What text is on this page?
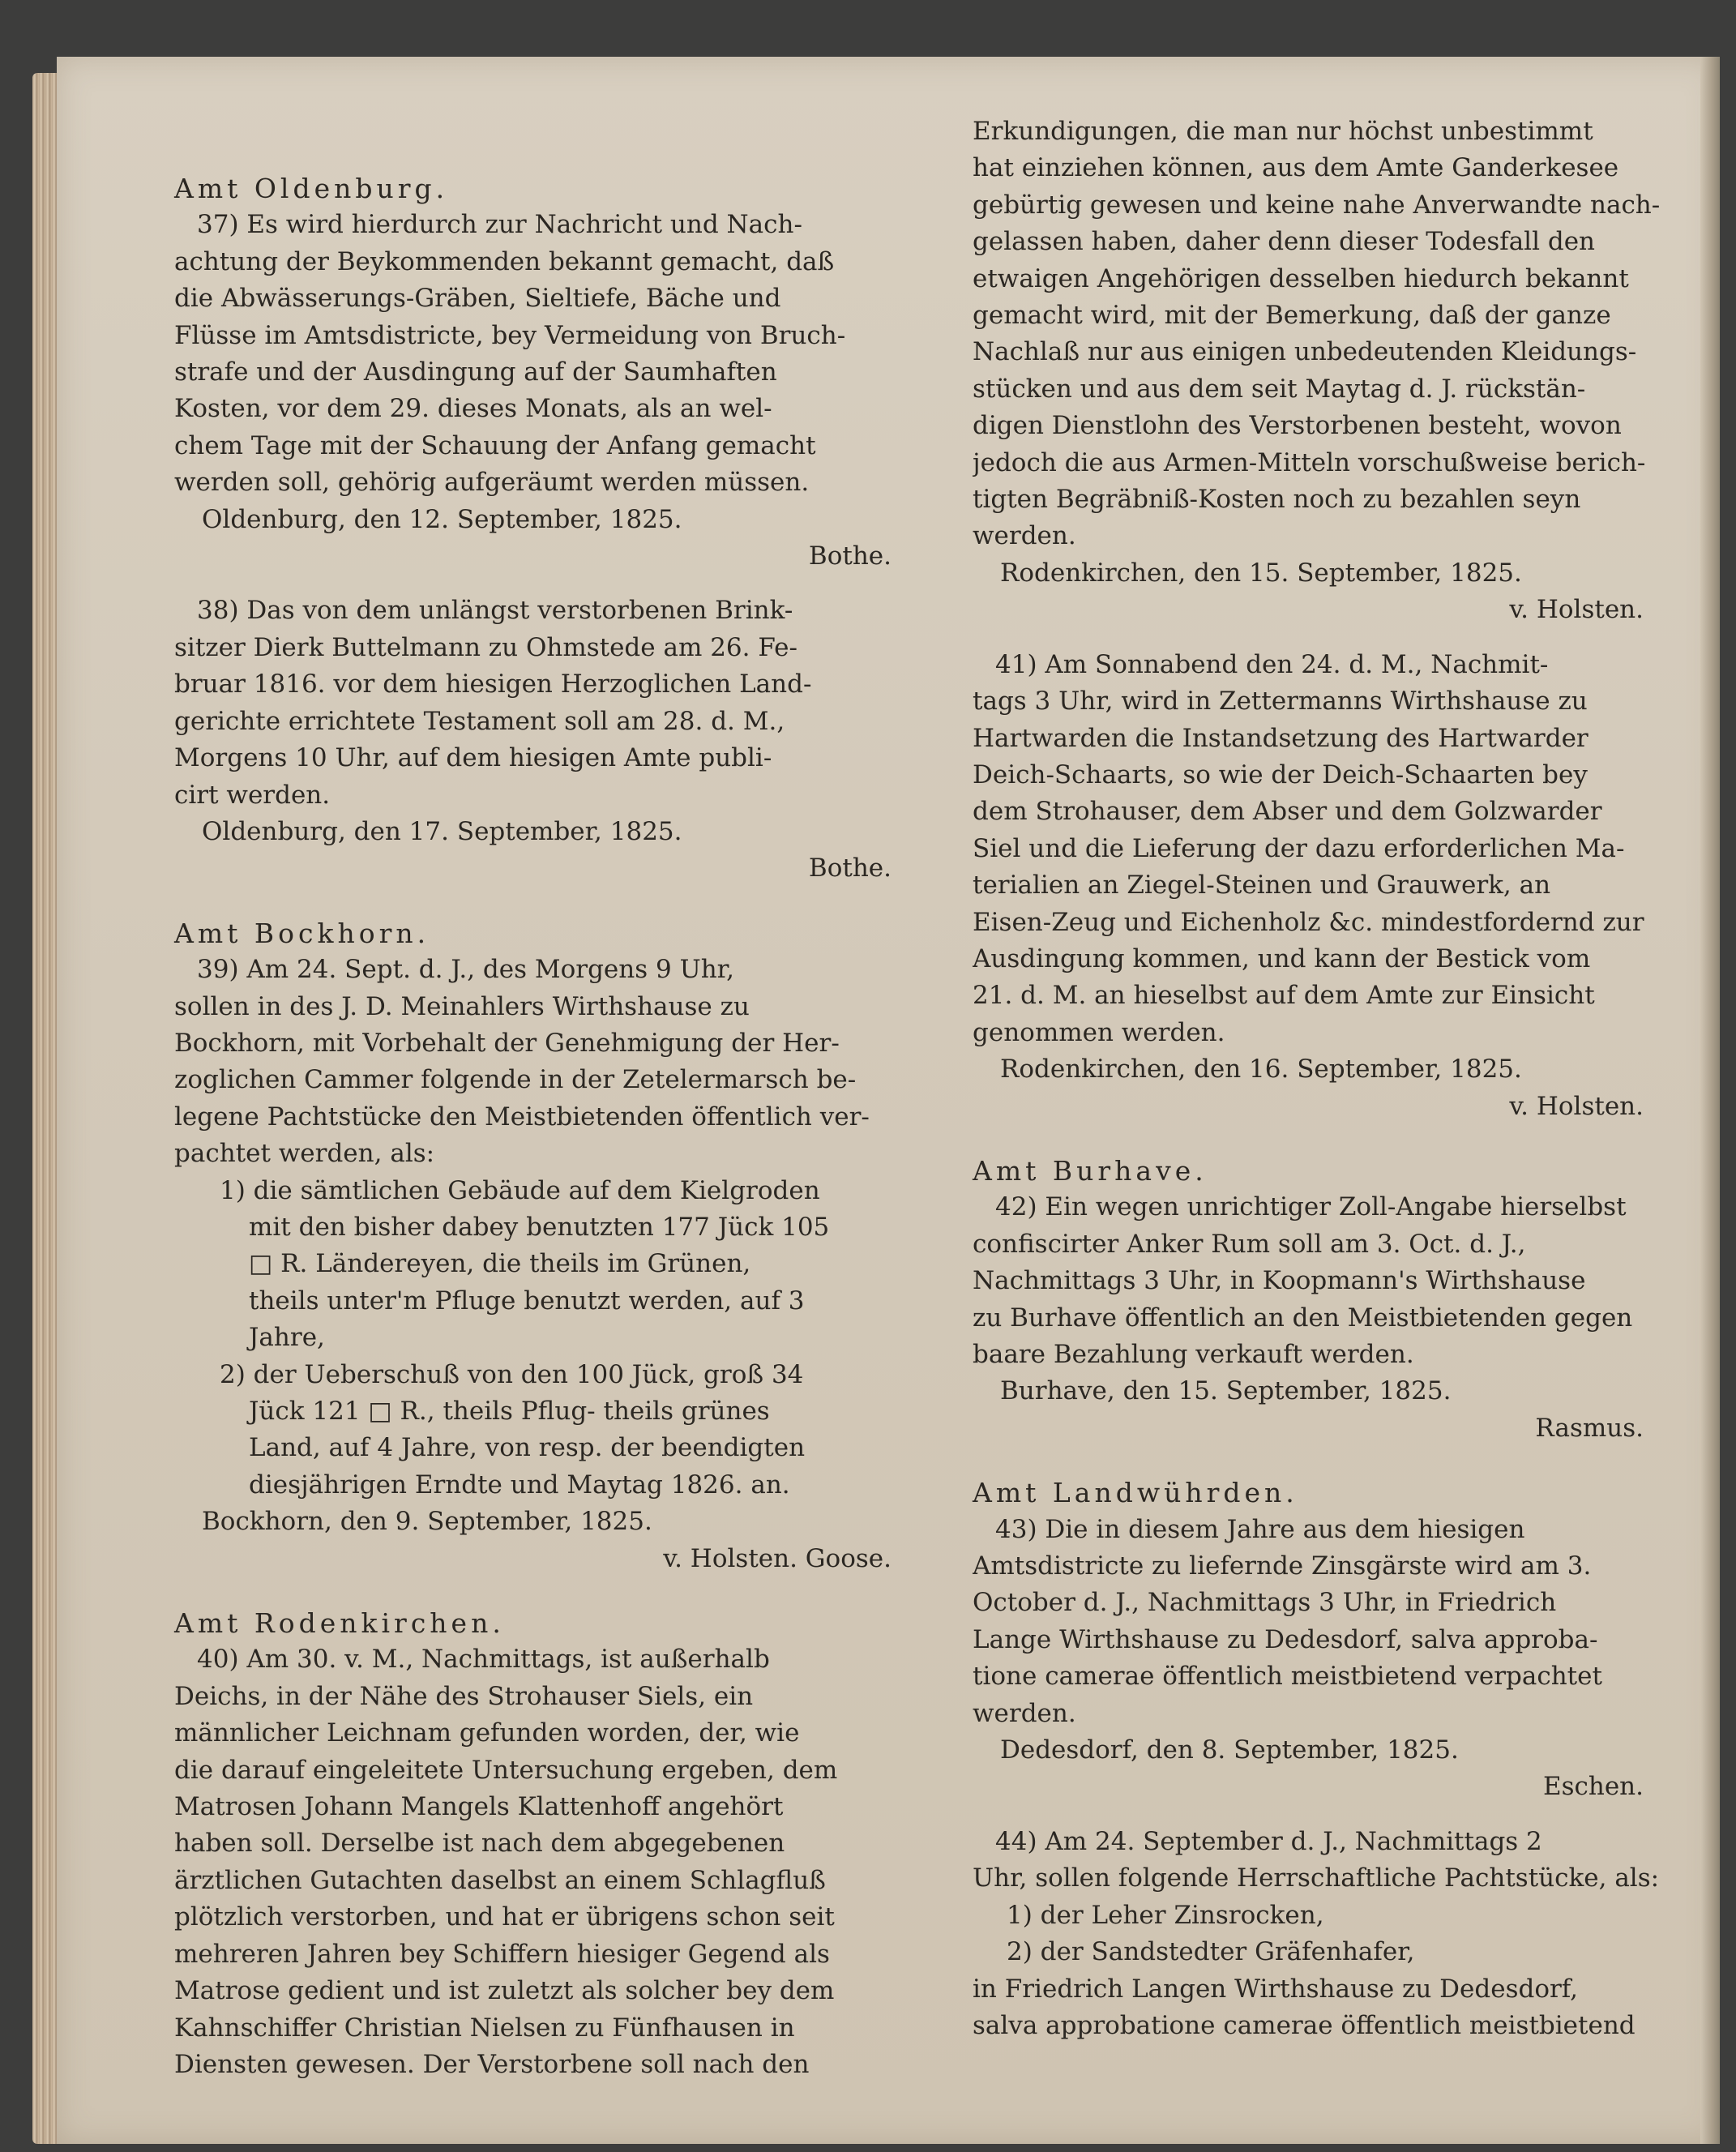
Amt Oldenburg.
37) Es wird hierdurch zur Nachricht und Nach-
achtung der Beykommenden bekannt gemacht, daß
die Abwässerungs-Gräben, Sieltiefe, Bäche und
Flüsse im Amtsdistricte, bey Vermeidung von Bruch-
strafe und der Ausdingung auf der Saumhaften
Kosten, vor dem 29. dieses Monats, als an wel-
chem Tage mit der Schauung der Anfang gemacht
werden soll, gehörig aufgeräumt werden müssen.
Oldenburg, den 12. September, 1825.
Bothe.
38) Das von dem unlängst verstorbenen Brink-
sitzer Dierk Buttelmann zu Ohmstede am 26. Fe-
bruar 1816. vor dem hiesigen Herzoglichen Land-
gerichte errichtete Testament soll am 28. d. M.,
Morgens 10 Uhr, auf dem hiesigen Amte publi-
cirt werden.
Oldenburg, den 17. September, 1825.
Bothe.
Amt Bockhorn.
39) Am 24. Sept. d. J., des Morgens 9 Uhr,
sollen in des J. D. Meinahlers Wirthshause zu
Bockhorn, mit Vorbehalt der Genehmigung der Her-
zoglichen Cammer folgende in der Zetelermarsch be-
legene Pachtstücke den Meistbietenden öffentlich ver-
pachtet werden, als:
1) die sämtlichen Gebäude auf dem Kielgroden
mit den bisher dabey benutzten 177 Jück 105
□ R. Ländereyen, die theils im Grünen,
theils unter'm Pfluge benutzt werden, auf 3
Jahre,
2) der Ueberschuß von den 100 Jück, groß 34
Jück 121 □ R., theils Pflug- theils grünes
Land, auf 4 Jahre, von resp. der beendigten
diesjährigen Erndte und Maytag 1826. an.
Bockhorn, den 9. September, 1825.
v. Holsten. Goose.
Amt Rodenkirchen.
40) Am 30. v. M., Nachmittags, ist außerhalb
Deichs, in der Nähe des Strohauser Siels, ein
männlicher Leichnam gefunden worden, der, wie
die darauf eingeleitete Untersuchung ergeben, dem
Matrosen Johann Mangels Klattenhoff angehört
haben soll. Derselbe ist nach dem abgegebenen
ärztlichen Gutachten daselbst an einem Schlagfluß
plötzlich verstorben, und hat er übrigens schon seit
mehreren Jahren bey Schiffern hiesiger Gegend als
Matrose gedient und ist zuletzt als solcher bey dem
Kahnschiffer Christian Nielsen zu Fünfhausen in
Diensten gewesen. Der Verstorbene soll nach den
Erkundigungen, die man nur höchst unbestimmt
hat einziehen können, aus dem Amte Ganderkesee
gebürtig gewesen und keine nahe Anverwandte nach-
gelassen haben, daher denn dieser Todesfall den
etwaigen Angehörigen desselben hiedurch bekannt
gemacht wird, mit der Bemerkung, daß der ganze
Nachlaß nur aus einigen unbedeutenden Kleidungs-
stücken und aus dem seit Maytag d. J. rückstän-
digen Dienstlohn des Verstorbenen besteht, wovon
jedoch die aus Armen-Mitteln vorschußweise berich-
tigten Begräbniß-Kosten noch zu bezahlen seyn
werden.
Rodenkirchen, den 15. September, 1825.
v. Holsten.
41) Am Sonnabend den 24. d. M., Nachmit-
tags 3 Uhr, wird in Zettermanns Wirthshause zu
Hartwarden die Instandsetzung des Hartwarder
Deich-Schaarts, so wie der Deich-Schaarten bey
dem Strohauser, dem Abser und dem Golzwarder
Siel und die Lieferung der dazu erforderlichen Ma-
terialien an Ziegel-Steinen und Grauwerk, an
Eisen-Zeug und Eichenholz &c. mindestfordernd zur
Ausdingung kommen, und kann der Bestick vom
21. d. M. an hieselbst auf dem Amte zur Einsicht
genommen werden.
Rodenkirchen, den 16. September, 1825.
v. Holsten.
Amt Burhave.
42) Ein wegen unrichtiger Zoll-Angabe hierselbst
confiscirter Anker Rum soll am 3. Oct. d. J.,
Nachmittags 3 Uhr, in Koopmann's Wirthshause
zu Burhave öffentlich an den Meistbietenden gegen
baare Bezahlung verkauft werden.
Burhave, den 15. September, 1825.
Rasmus.
Amt Landwührden.
43) Die in diesem Jahre aus dem hiesigen
Amtsdistricte zu liefernde Zinsgärste wird am 3.
October d. J., Nachmittags 3 Uhr, in Friedrich
Lange Wirthshause zu Dedesdorf, salva approba-
tione camerae öffentlich meistbietend verpachtet
werden.
Dedesdorf, den 8. September, 1825.
Eschen.
44) Am 24. September d. J., Nachmittags 2
Uhr, sollen folgende Herrschaftliche Pachtstücke, als:
1) der Leher Zinsrocken,
2) der Sandstedter Gräfenhafer,
in Friedrich Langen Wirthshause zu Dedesdorf,
salva approbatione camerae öffentlich meistbietend
